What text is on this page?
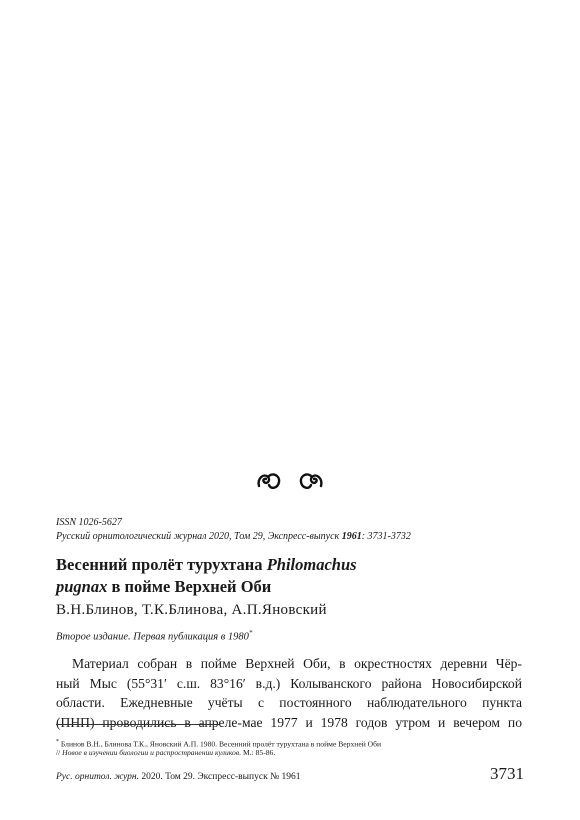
ISSN 1026-5627
Русский орнитологический журнал 2020, Том 29, Экспресс-выпуск 1961: 3731-3732
Весенний пролёт турухтана Philomachus
pugnax в пойме Верхней Оби
В.Н.Блинов, Т.К.Блинова, А.П.Яновский
Второе издание. Первая публикация в 1980*
Материал собран в пойме Верхней Оби, в окрестностях деревни Чёр-
ный Мыс (55°31′ с.ш. 83°16′ в.д.) Колыванского района Новосибирской
области. Ежедневные учёты с постоянного наблюдательного пункта
(ПНП) проводились в апреле-мае 1977 и 1978 годов утром и вечером по
* Блинов В.Н., Блинова Т.К., Яновский А.П. 1980. Весенний пролёт турухтана в пойме Верхней Оби
// Новое в изучении биологии и распространении куликов. М.: 85-86.
Рус. орнитол. журн. 2020. Том 29. Экспресс-выпуск № 1961	3731
